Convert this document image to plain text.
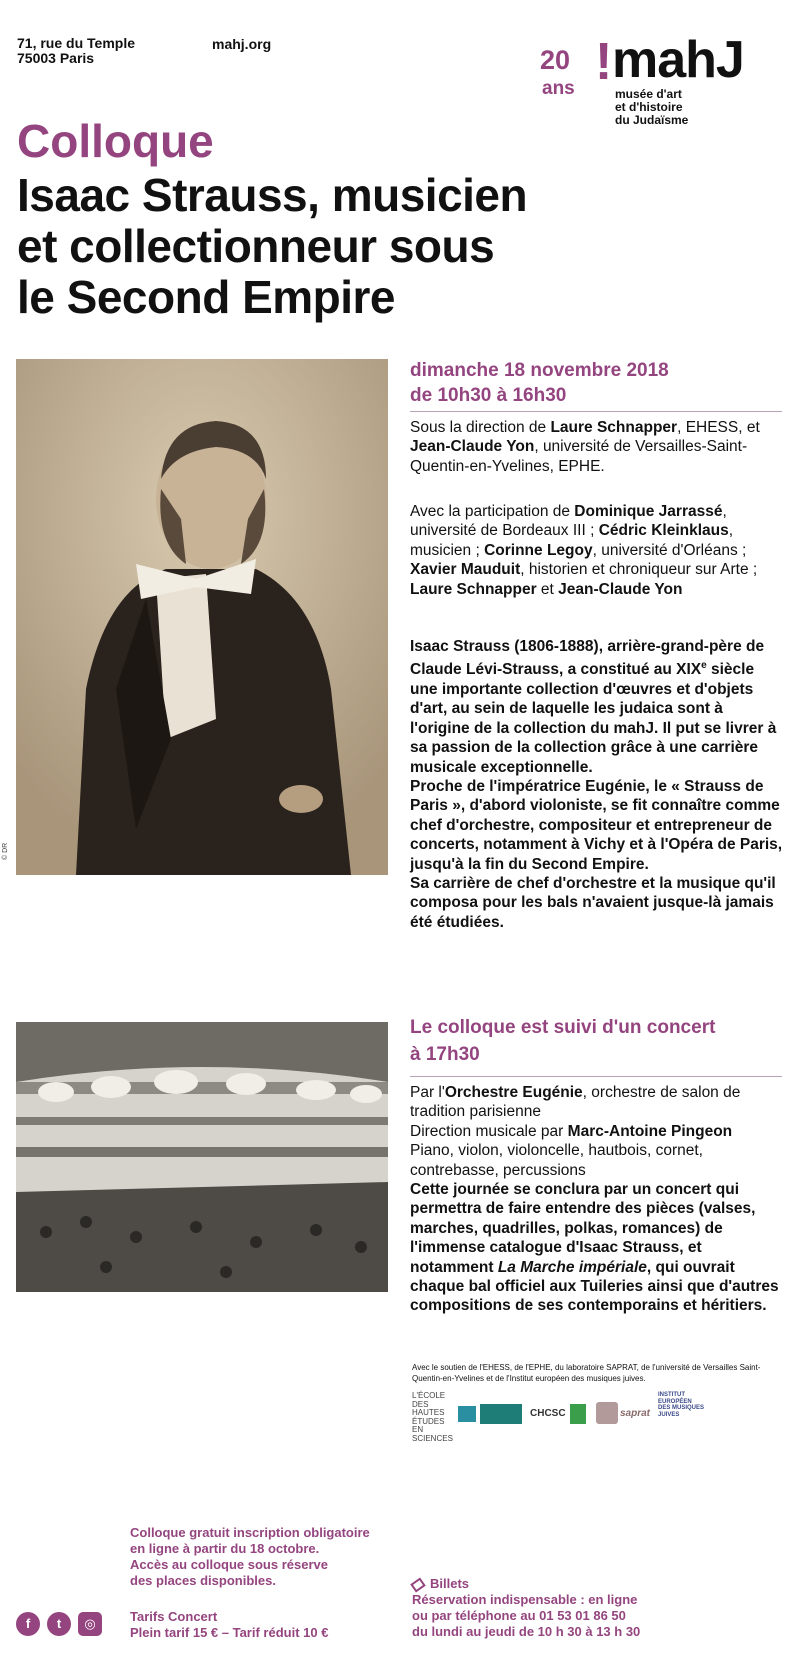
71, rue du Temple
75003 Paris
mahj.org
20
ans ! mahJ
musée d'art
et d'histoire
du Judaïsme
Colloque
Isaac Strauss, musicien
et collectionneur sous
le Second Empire
© DR
dimanche 18 novembre 2018
de 10h30 à 16h30
Sous la direction de Laure Schnapper, EHESS, et Jean-Claude Yon, université de Versailles-Saint-Quentin-en-Yvelines, EPHE.
Avec la participation de Dominique Jarrassé, université de Bordeaux III ; Cédric Kleinklaus, musicien ; Corinne Legoy, université d'Orléans ; Xavier Mauduit, historien et chroniqueur sur Arte ; Laure Schnapper et Jean-Claude Yon
Isaac Strauss (1806-1888), arrière-grand-père de Claude Lévi-Strauss, a constitué au XIXe siècle une importante collection d'œuvres et d'objets d'art, au sein de laquelle les judaica sont à l'origine de la collection du mahJ. Il put se livrer à sa passion de la collection grâce à une carrière musicale exceptionnelle.
Proche de l'impératrice Eugénie, le « Strauss de Paris », d'abord violoniste, se fit connaître comme chef d'orchestre, compositeur et entrepreneur de concerts, notamment à Vichy et à l'Opéra de Paris, jusqu'à la fin du Second Empire.
Sa carrière de chef d'orchestre et la musique qu'il composa pour les bals n'avaient jusque-là jamais été étudiées.
Le colloque est suivi d'un concert
à 17h30
Par l'Orchestre Eugénie, orchestre de salon de tradition parisienne
Direction musicale par Marc-Antoine Pingeon
Piano, violon, violoncelle, hautbois, cornet, contrebasse, percussions
Cette journée se conclura par un concert qui permettra de faire entendre des pièces (valses, marches, quadrilles, polkas, romances) de l'immense catalogue d'Isaac Strauss, et notamment La Marche impériale, qui ouvrait chaque bal officiel aux Tuileries ainsi que d'autres compositions de ses contemporains et héritiers.
Avec le soutien de l'EHESS, de l'EPHE, du laboratoire SAPRAT, de l'université de Versailles Saint-Quentin-en-Yvelines et de l'Institut européen des musiques juives.
L'ÉCOLE
DES HAUTES
ÉTUDES
EN SCIENCES
CHCSC	saprat
INSTITUT
EUROPÉEN
DES MUSIQUES
JUIVES
Colloque gratuit inscription obligatoire
en ligne à partir du 18 octobre.
Accès au colloque sous réserve
des places disponibles.
Tarifs Concert
Plein tarif 15 € – Tarif réduit 10 €
Billets
Réservation indispensable : en ligne
ou par téléphone au 01 53 01 86 50
du lundi au jeudi de 10 h 30 à 13 h 30
f	t	◎
